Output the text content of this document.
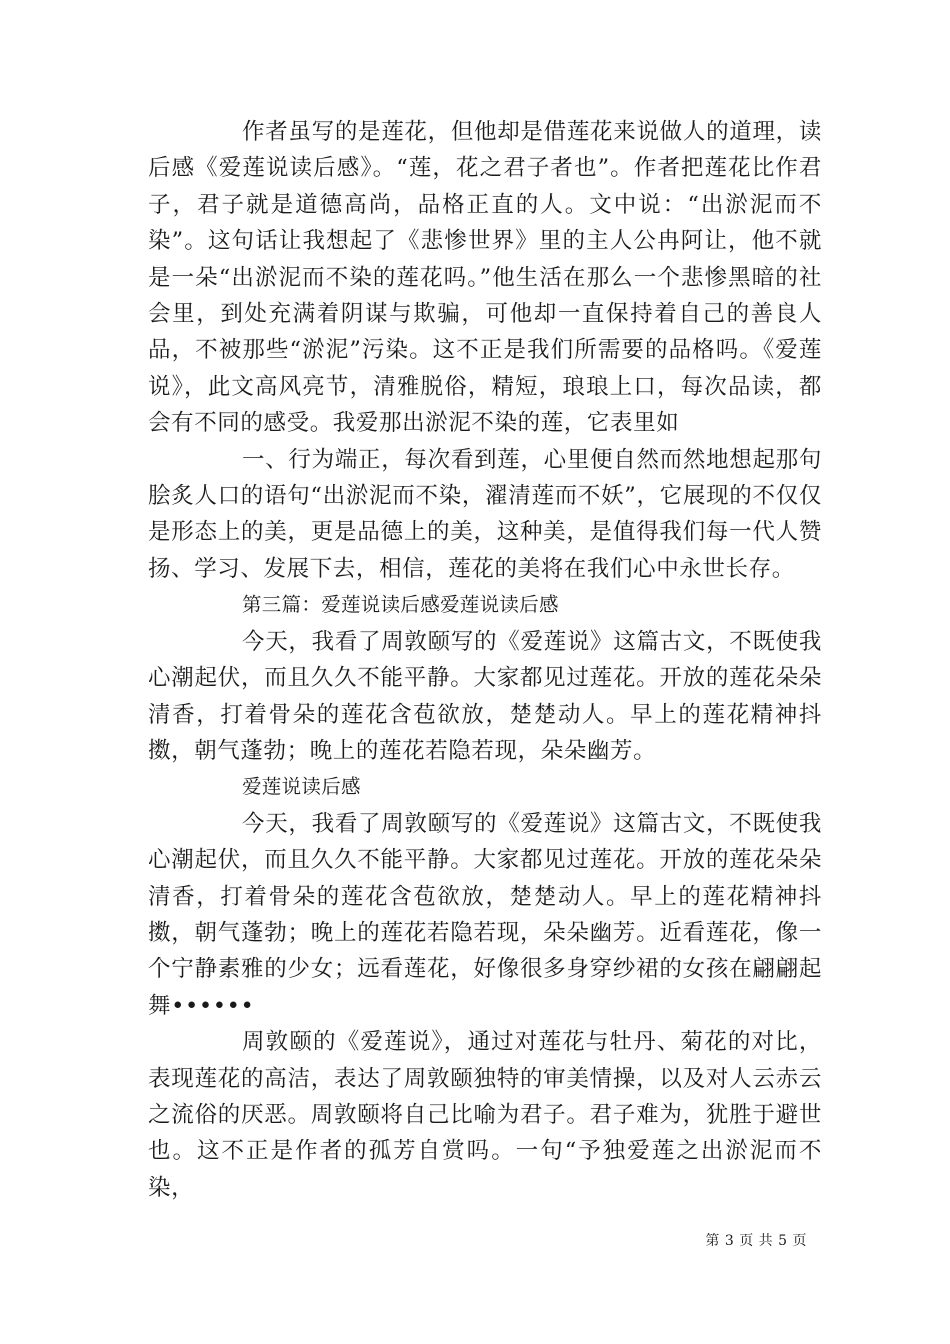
作者虽写的是莲花，但他却是借莲花来说做人的道理，读后感《爱莲说读后感》。“莲，花之君子者也”。作者把莲花比作君子，君子就是道德高尚，品格正直的人。文中说：“出淤泥而不染”。这句话让我想起了《悲惨世界》里的主人公冉阿让，他不就是一朵“出淤泥而不染的莲花吗。”他生活在那么一个悲惨黑暗的社会里，到处充满着阴谋与欺骗，可他却一直保持着自己的善良人品，不被那些“淤泥”污染。这不正是我们所需要的品格吗。《爱莲说》，此文高风亮节，清雅脱俗，精短，琅琅上口，每次品读，都会有不同的感受。我爱那出淤泥不染的莲，它表里如

一、行为端正，每次看到莲，心里便自然而然地想起那句脍炙人口的语句“出淤泥而不染，濯清莲而不妖”，它展现的不仅仅是形态上的美，更是品德上的美，这种美，是值得我们每一代人赞扬、学习、发展下去，相信，莲花的美将在我们心中永世长存。

第三篇：爱莲说读后感爱莲说读后感

今天，我看了周敦颐写的《爱莲说》这篇古文，不既使我心潮起伏，而且久久不能平静。大家都见过莲花。开放的莲花朵朵清香，打着骨朵的莲花含苞欲放，楚楚动人。早上的莲花精神抖擞，朝气蓬勃；晚上的莲花若隐若现，朵朵幽芳。

爱莲说读后感

今天，我看了周敦颐写的《爱莲说》这篇古文，不既使我心潮起伏，而且久久不能平静。大家都见过莲花。开放的莲花朵朵清香，打着骨朵的莲花含苞欲放，楚楚动人。早上的莲花精神抖擞，朝气蓬勃；晚上的莲花若隐若现，朵朵幽芳。近看莲花，像一个宁静素雅的少女；远看莲花，好像很多身穿纱裙的女孩在翩翩起舞••••••

周敦颐的《爱莲说》，通过对莲花与牡丹、菊花的对比，表现莲花的高洁，表达了周敦颐独特的审美情操，以及对人云赤云之流俗的厌恶。周敦颐将自己比喻为君子。君子难为，犹胜于避世也。这不正是作者的孤芳自赏吗。一句“予独爱莲之出淤泥而不染，

第 3 页 共 5 页
